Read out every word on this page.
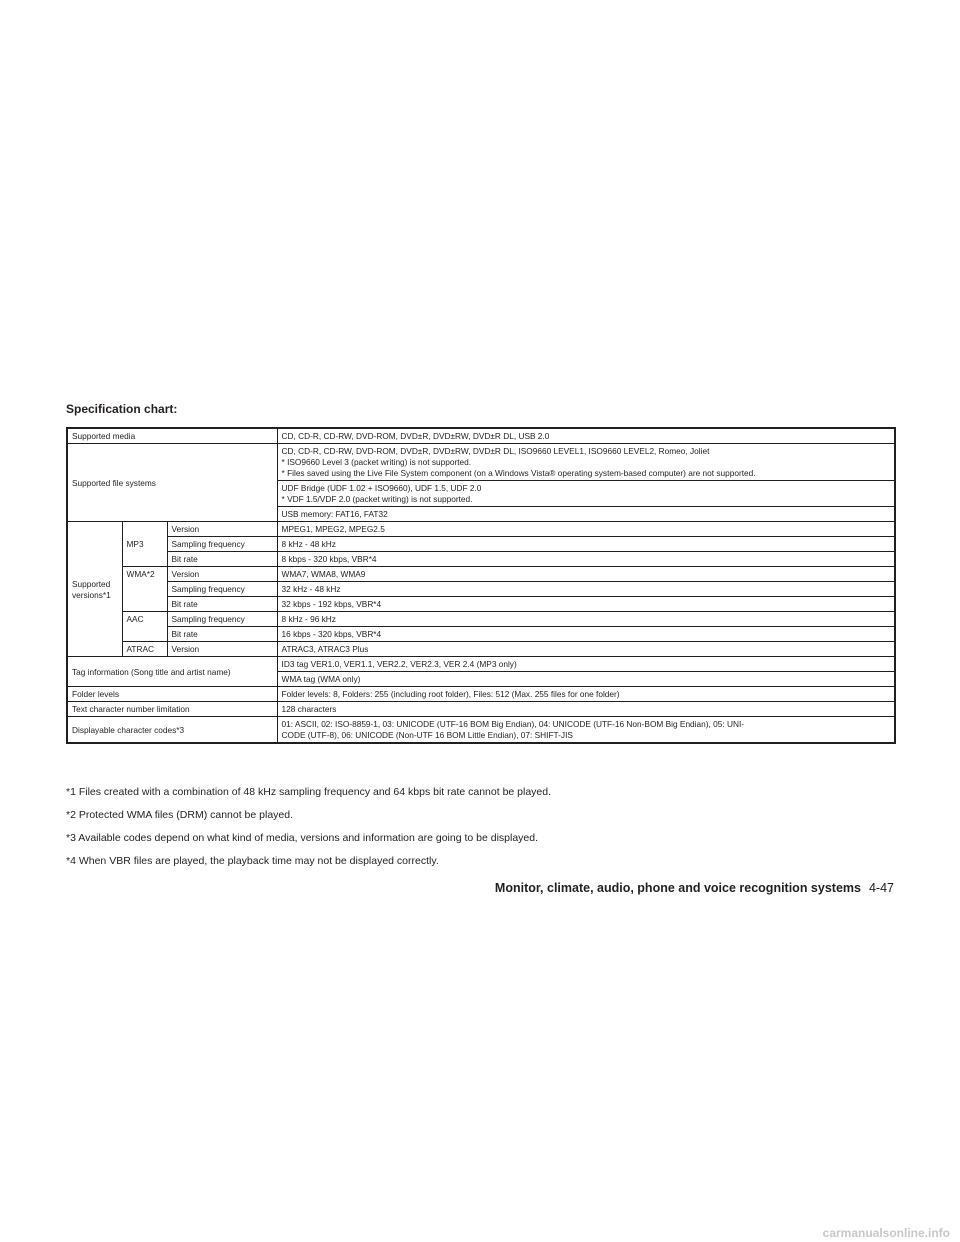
Specification chart:
Supported media			CD, CD-R, CD-RW, DVD-ROM, DVD±R, DVD±RW, DVD±R DL, USB 2.0
Supported file systems			CD, CD-R, CD-RW, DVD-ROM, DVD±R, DVD±RW, DVD±R DL, ISO9660 LEVEL1, ISO9660 LEVEL2, Romeo, Joliet
* ISO9660 Level 3 (packet writing) is not supported.
* Files saved using the Live File System component (on a Windows Vista® operating system-based computer) are not supported.

			UDF Bridge (UDF 1.02 + ISO9660), UDF 1.5, UDF 2.0
* VDF 1.5/VDF 2.0 (packet writing) is not supported.

			USB memory: FAT16, FAT32

Supported
versions*1	MP3	Version	MPEG1, MPEG2, MPEG2.5
		Sampling frequency	8 kHz - 48 kHz
		Bit rate	8 kbps - 320 kbps, VBR*4
	WMA*2	Version	WMA7, WMA8, WMA9
		Sampling frequency	32 kHz - 48 kHz
		Bit rate	32 kbps - 192 kbps, VBR*4
	AAC	Sampling frequency	8 kHz - 96 kHz
		Bit rate	16 kbps - 320 kbps, VBR*4
	ATRAC	Version	ATRAC3, ATRAC3 Plus
Tag information (Song title and artist name)			ID3 tag VER1.0, VER1.1, VER2.2, VER2.3, VER 2.4 (MP3 only)
			WMA tag (WMA only)
Folder levels			Folder levels: 8, Folders: 255 (including root folder), Files: 512 (Max. 255 files for one folder)
Text character number limitation			128 characters
Displayable character codes*3			01: ASCII, 02: ISO-8859-1, 03: UNICODE (UTF-16 BOM Big Endian), 04: UNICODE (UTF-16 Non-BOM Big Endian), 05: UNI-
CODE (UTF-8), 06: UNICODE (Non-UTF 16 BOM Little Endian), 07: SHIFT-JIS

*1 Files created with a combination of 48 kHz sampling frequency and 64 kbps bit rate cannot be played.

*2 Protected WMA files (DRM) cannot be played.

*3 Available codes depend on what kind of media, versions and information are going to be displayed.

*4 When VBR files are played, the playback time may not be displayed correctly.

Monitor, climate, audio, phone and voice recognition systems 4-47
carmanualsonline.info
